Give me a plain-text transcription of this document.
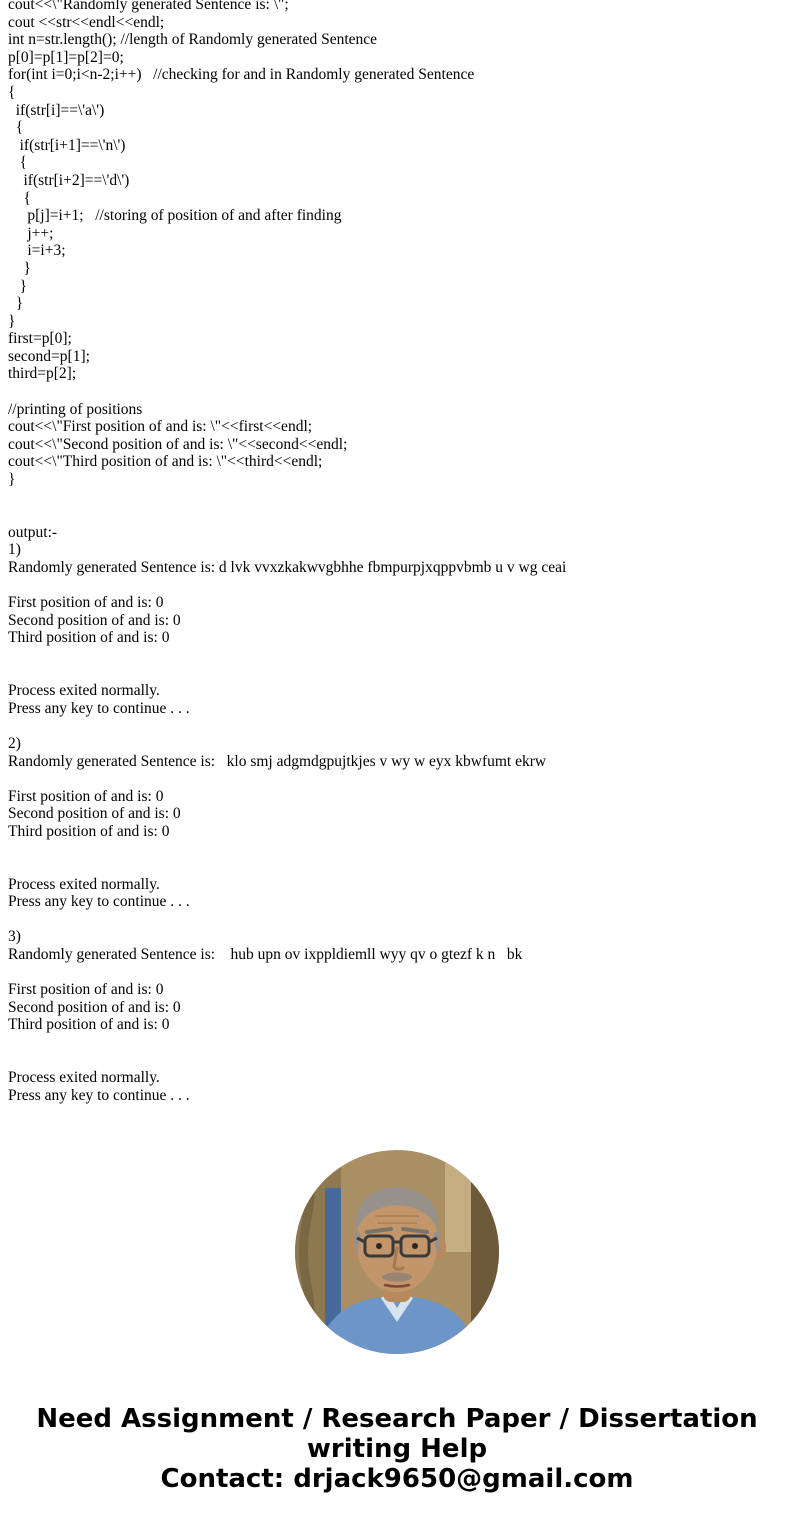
cout<<\"Randomly generated Sentence is: \";
cout <<str<<endl<<endl;
int n=str.length(); //length of Randomly generated Sentence
p[0]=p[1]=p[2]=0;
for(int i=0;i<n-2;i++)   //checking for and in Randomly generated Sentence
{
if(str[i]==\'a\')
{
if(str[i+1]==\'n\')
{
if(str[i+2]==\'d\')
{
p[j]=i+1;   //storing of position of and after finding
j++;
i=i+3;
}
}
}
}
first=p[0];
second=p[1];
third=p[2];
//printing of positions
cout<<\"First position of and is: \"<<first<<endl;
cout<<\"Second position of and is: \"<<second<<endl;
cout<<\"Third position of and is: \"<<third<<endl;
}
output:-
1)
Randomly generated Sentence is: d lvk vvxzkakwvgbhhe fbmpurpjxqppvbmb u v wg ceai
First position of and is: 0
Second position of and is: 0
Third position of and is: 0
Process exited normally.
Press any key to continue . . .
2)
Randomly generated Sentence is:   klo smj adgmdgpujtkjes v wy w eyx kbwfumt ekrw
First position of and is: 0
Second position of and is: 0
Third position of and is: 0
Process exited normally.
Press any key to continue . . .
3)
Randomly generated Sentence is:    hub upn ov ixppldiemll wyy qv o gtezf k n   bk
First position of and is: 0
Second position of and is: 0
Third position of and is: 0
Process exited normally.
Press any key to continue . . .
Need Assignment / Research Paper / Dissertation writing Help
Contact: drjack9650@gmail.com
